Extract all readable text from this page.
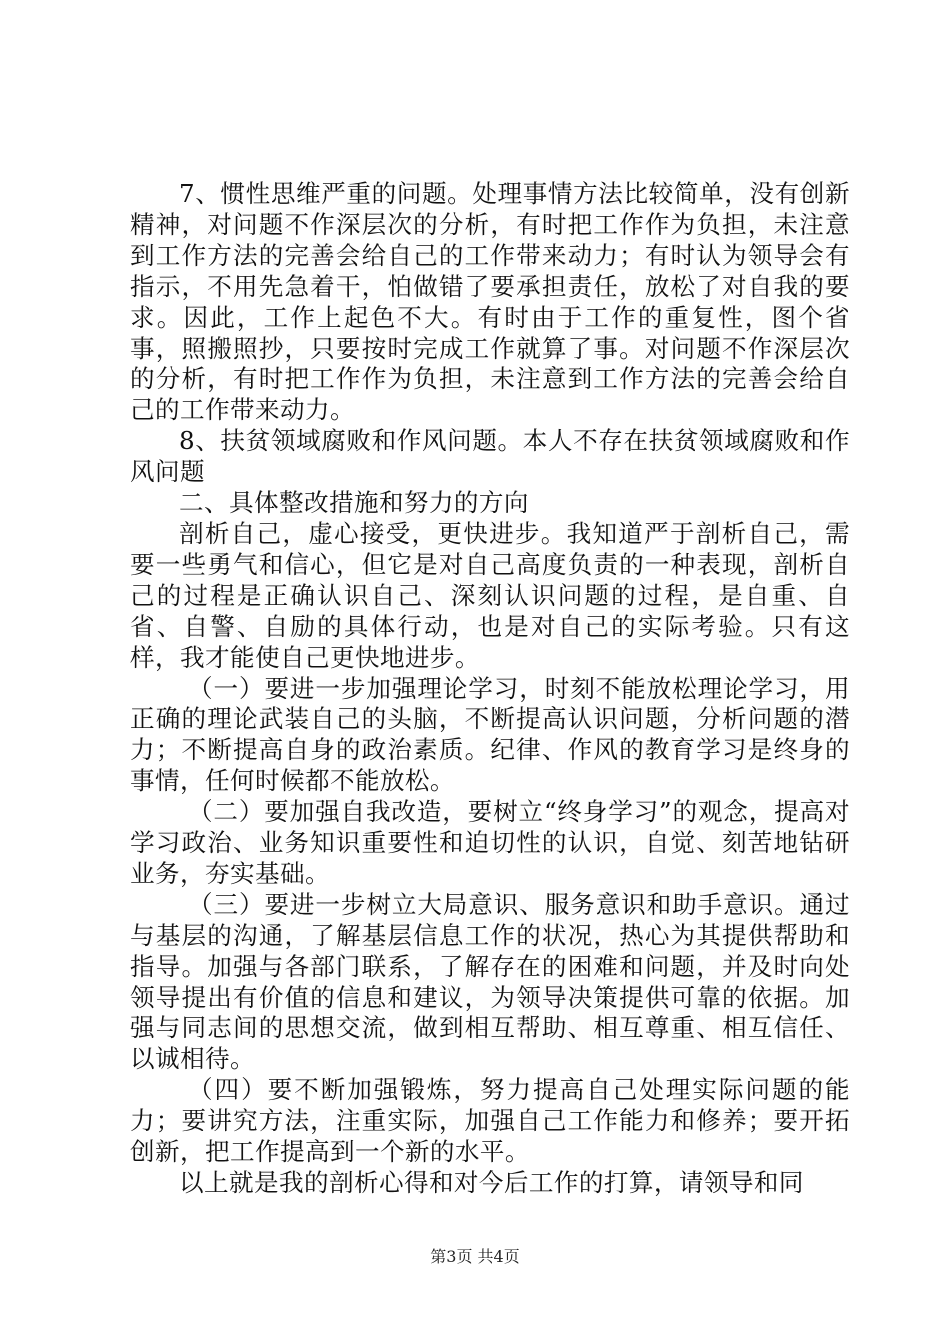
7、惯性思维严重的问题。处理事情方法比较简单，没有创新精神，对问题不作深层次的分析，有时把工作作为负担，未注意到工作方法的完善会给自己的工作带来动力；有时认为领导会有指示，不用先急着干，怕做错了要承担责任，放松了对自我的要求。因此，工作上起色不大。有时由于工作的重复性，图个省事，照搬照抄，只要按时完成工作就算了事。对问题不作深层次的分析，有时把工作作为负担，未注意到工作方法的完善会给自己的工作带来动力。

8、扶贫领域腐败和作风问题。本人不存在扶贫领域腐败和作风问题

二、具体整改措施和努力的方向

剖析自己，虚心接受，更快进步。我知道严于剖析自己，需要一些勇气和信心，但它是对自己高度负责的一种表现，剖析自己的过程是正确认识自己、深刻认识问题的过程，是自重、自省、自警、自励的具体行动，也是对自己的实际考验。只有这样，我才能使自己更快地进步。

（一）要进一步加强理论学习，时刻不能放松理论学习，用正确的理论武装自己的头脑，不断提高认识问题，分析问题的潜力；不断提高自身的政治素质。纪律、作风的教育学习是终身的事情，任何时候都不能放松。

（二）要加强自我改造，要树立“终身学习”的观念，提高对学习政治、业务知识重要性和迫切性的认识，自觉、刻苦地钻研业务，夯实基础。

（三）要进一步树立大局意识、服务意识和助手意识。通过与基层的沟通，了解基层信息工作的状况，热心为其提供帮助和指导。加强与各部门联系，了解存在的困难和问题，并及时向处领导提出有价值的信息和建议，为领导决策提供可靠的依据。加强与同志间的思想交流，做到相互帮助、相互尊重、相互信任、以诚相待。

（四）要不断加强锻炼，努力提高自己处理实际问题的能力；要讲究方法，注重实际，加强自己工作能力和修养；要开拓创新，把工作提高到一个新的水平。

以上就是我的剖析心得和对今后工作的打算，请领导和同

第3页 共4页
